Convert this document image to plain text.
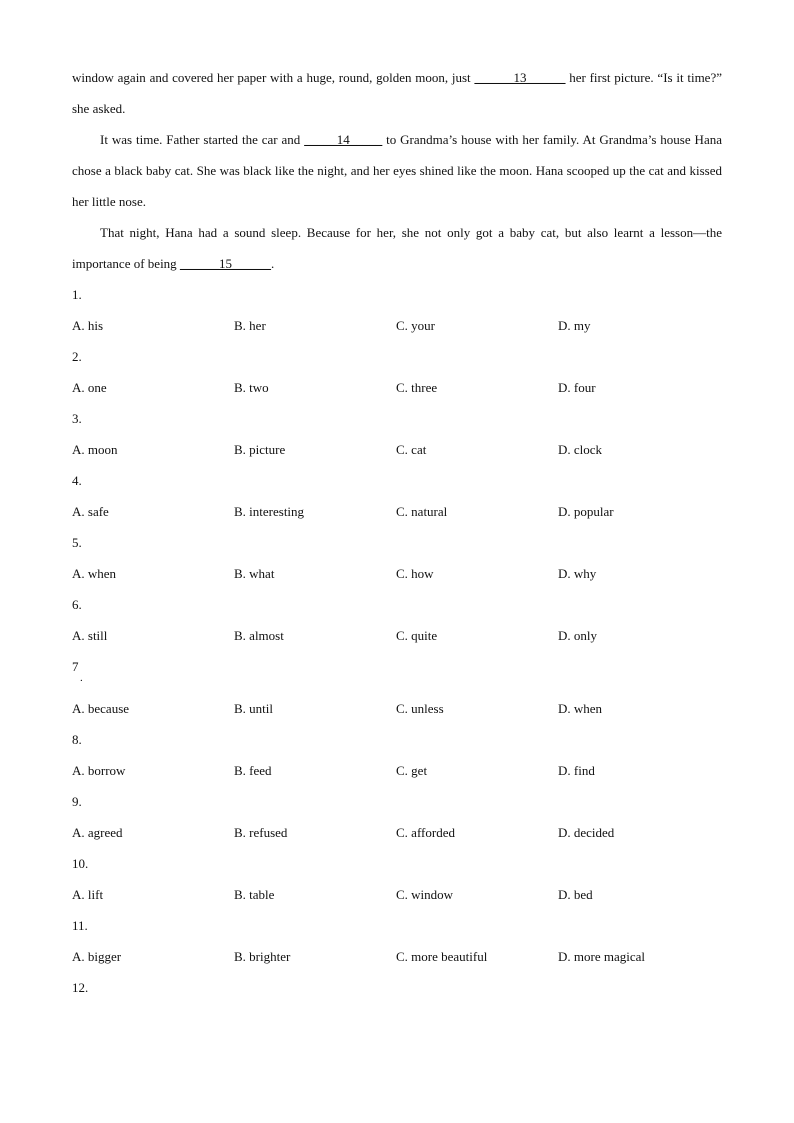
window again and covered her paper with a huge, round, golden moon, just ______13______ her first picture. “Is it time?” she asked.

It was time. Father started the car and _____14_____ to Grandma’s house with her family. At Grandma’s house Hana chose a black baby cat. She was black like the night, and her eyes shined like the moon. Hana scooped up the cat and kissed her little nose.

That night, Hana had a sound sleep. Because for her, she not only got a baby cat, but also learnt a lesson—the importance of being ______15______.

1.
A. his	B. her	C. your	D. my
2.
A. one	B. two	C. three	D. four
3.
A. moon	B. picture	C. cat	D. clock
4.
A. safe	B. interesting	C. natural	D. popular
5.
A. when	B. what	C. how	D. why
6.
A. still	B. almost	C. quite	D. only
7
.
A. because	B. until	C. unless	D. when
8.
A. borrow	B. feed	C. get	D. find
9.
A. agreed	B. refused	C. afforded	D. decided
10.
A. lift	B. table	C. window	D. bed
11.
A. bigger	B. brighter	C. more beautiful	D. more magical
12.
